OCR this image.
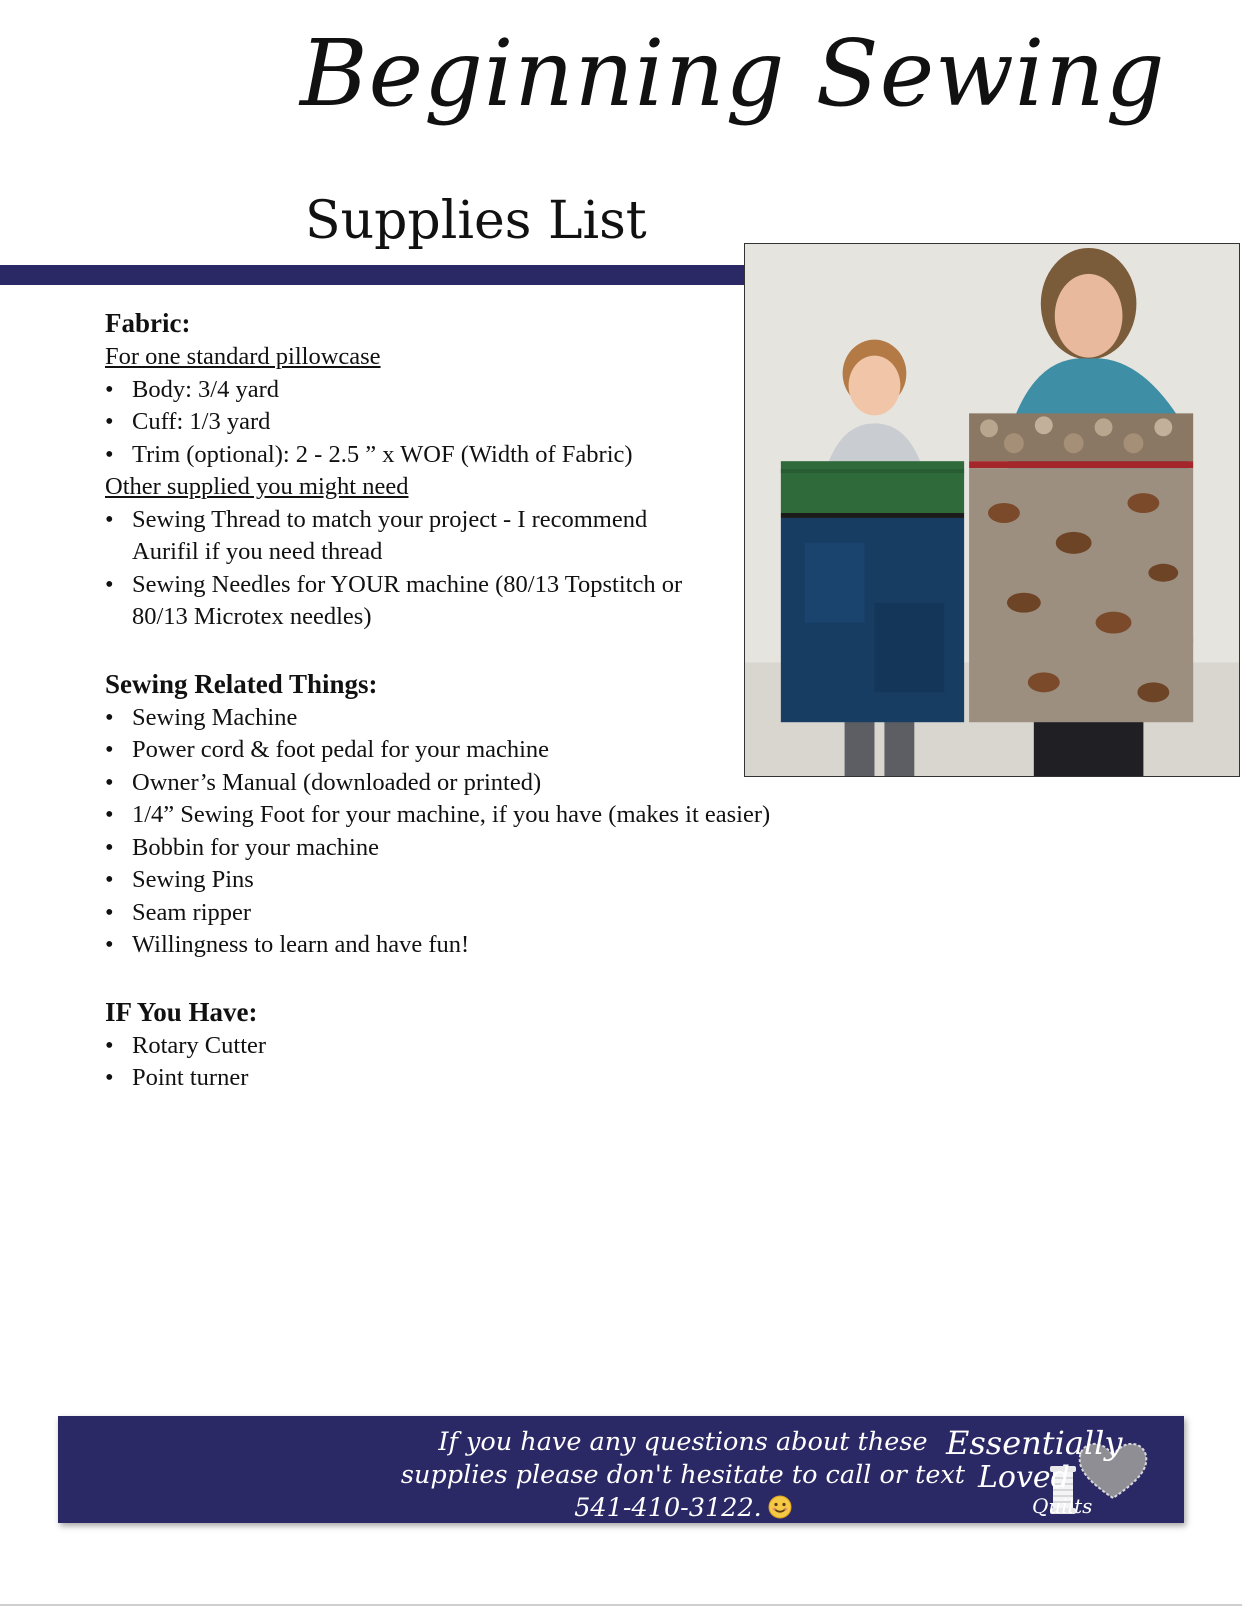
Beginning Sewing
Supplies List
Fabric:
For one standard pillowcase
• Body: 3/4 yard
• Cuff: 1/3 yard
• Trim (optional): 2 - 2.5 ” x WOF (Width of Fabric)
Other supplied you might need
• Sewing Thread to match your project - I recommend Aurifil if you need thread
• Sewing Needles for YOUR machine (80/13 Topstitch or 80/13 Microtex needles)
Sewing Related Things:
• Sewing Machine
• Power cord & foot pedal for your machine
• Owner’s Manual (downloaded or printed)
• 1/4” Sewing Foot for your machine, if you have (makes it easier)
• Bobbin for your machine
• Sewing Pins
• Seam ripper
• Willingness to learn and have fun!
IF You Have:
• Rotary Cutter
• Point turner

If you have any questions about these
supplies please don't hesitate to call or text
541-410-3122.

Essentially
Loved
Quilts
